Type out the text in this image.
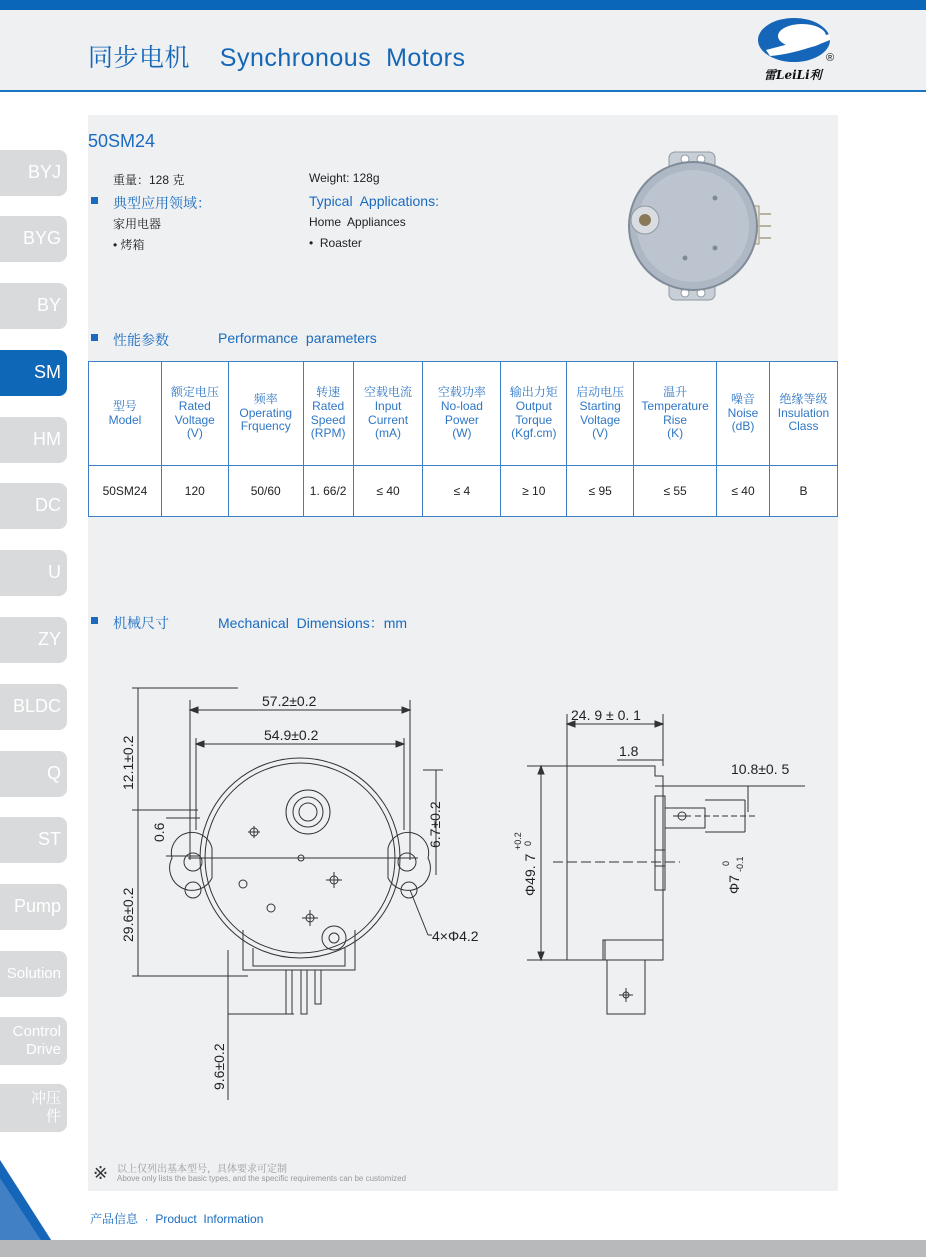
同步电机    Synchronous  Motors	®
雷LeiLi利
BYJ
BYG
BY
SM
HM
DC
U
ZY
BLDC
Q
ST
Pump
Solution
Control
Drive
冲压
件
50SM24
重量：128 克	Weight: 128g
典型应用领域：	Typical  Applications:
家用电器	Home  Appliances
• 烤箱	•  Roaster
性能参数	Performance  parameters
型号
Model	额定电压
Rated
Voltage
(V)	频率
Operating
Frquency	转速
Rated
Speed
(RPM)	空载电流
Input
Current
(mA)	空载功率
No-load
Power
(W)	输出力矩
Output
Torque
(Kgf.cm)	启动电压
Starting
Voltage
(V)	温升
Temperature
Rise
(K)	噪音
Noise
(dB)	绝缘等级
Insulation
Class
50SM24	120	50/60	1. 66/2	≤ 40	≤ 4	≥ 10	≤ 95	≤ 55	≤ 40	B
机械尺寸	Mechanical  Dimensions：mm
57.2±0.2
54.9±0.2
12.1±0.2
29.6±0.2
0.6	6.7±0.2
4×Φ4.2
9.6±0.2
24. 9 ± 0. 1
1.8
10.8±0. 5
Φ49. 7
+0.2 0
Φ7
0 -0.1
※ 以上仅列出基本型号，具体要求可定制
Above only lists the basic types, and the specific requirements can be customized
产品信息  ·  Product  Information
